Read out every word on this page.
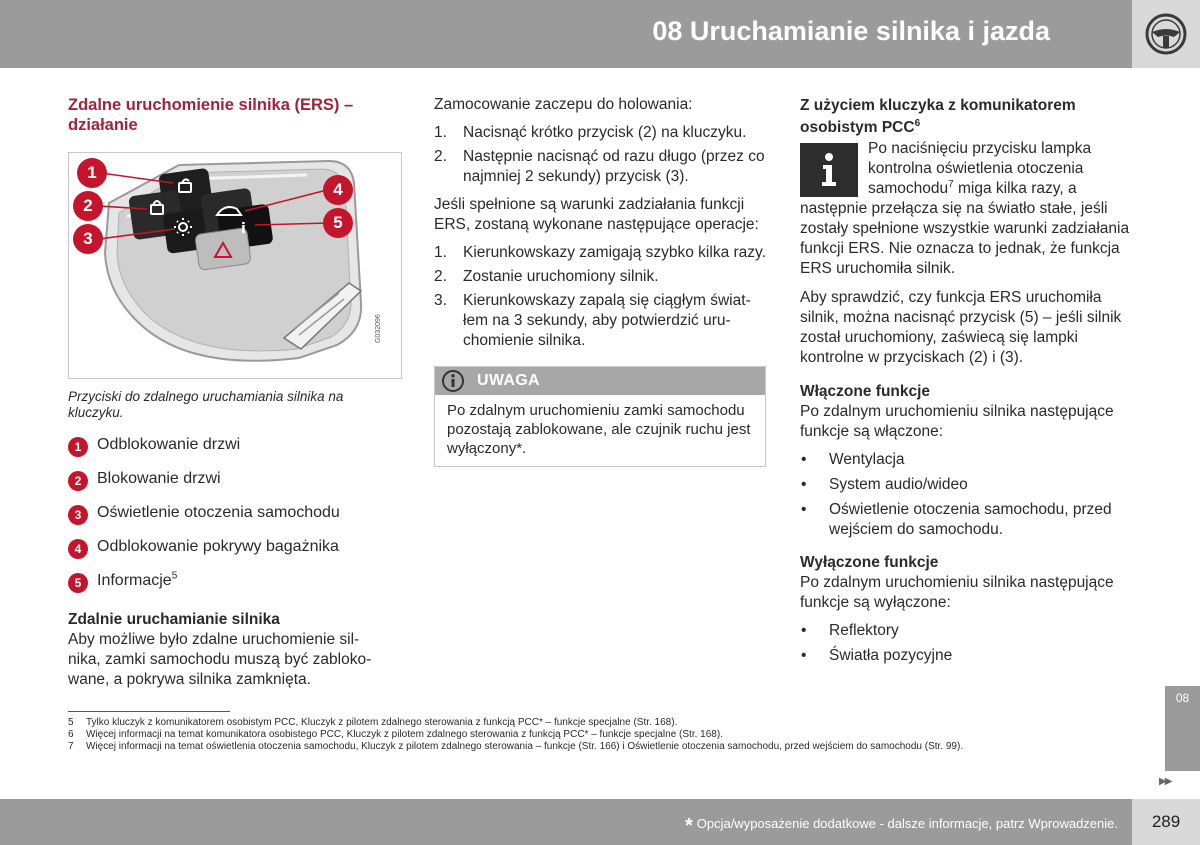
08 Uruchamianie silnika i jazda
Zdalne uruchomienie silnika (ERS) – działanie
i
1
2
3
4
5
G032096

Przyciski do zdalnego uruchamiania silnika na kluczyku.

1 Odblokowanie drzwi
2 Blokowanie drzwi
3 Oświetlenie otoczenia samochodu
4 Odblokowanie pokrywy bagażnika
5 Informacje$^5$
Zdalnie uruchamianie silnika

Aby możliwe było zdalne uruchomienie silnika, zamki samochodu muszą być zablokowane, a pokrywa silnika zamknięta.

Zamocowanie zaczepu do holowania:

1.	Nacisnąć krótko przycisk (2) na kluczyku.
2.	Następnie nacisnąć od razu długo (przez co najmniej 2 sekundy) przycisk (3).

Jeśli spełnione są warunki zadziałania funkcji ERS, zostaną wykonane następujące operacje:

1.	Kierunkowskazy zamigają szybko kilka razy.
2.	Zostanie uruchomiony silnik.
3.	Kierunkowskazy zapalą się ciągłym światłem na 3 sekundy, aby potwierdzić uruchomienie silnika.
UWAGA
Po zdalnym uruchomieniu zamki samochodu pozostają zablokowane, ale czujnik ruchu jest wyłączony*.
Z użyciem kluczyka z komunikatorem osobistym PCC$^6$

Po naciśnięciu przycisku lampka kontrolna oświetlenia otoczenia samochodu$^7$ miga kilka razy, a następnie przełącza się na światło stałe, jeśli zostały spełnione wszystkie warunki zadziałania funkcji ERS. Nie oznacza to jednak, że funkcja ERS uruchomiła silnik.

Aby sprawdzić, czy funkcja ERS uruchomiła silnik, można nacisnąć przycisk (5) – jeśli silnik został uruchomiony, zaświecą się lampki kontrolne w przyciskach (2) i (3).

Włączone funkcje

Po zdalnym uruchomieniu silnika następujące funkcje są włączone:

•	Wentylacja
•	System audio/wideo
•	Oświetlenie otoczenia samochodu, przed wejściem do samochodu.
Wyłączone funkcje

Po zdalnym uruchomieniu silnika następujące funkcje są wyłączone:

•	Reflektory
•	Światła pozycyjne
5	Tylko kluczyk z komunikatorem osobistym PCC, Kluczyk z pilotem zdalnego sterowania z funkcją PCC* – funkcje specjalne (Str. 168).
6	Więcej informacji na temat komunikatora osobistego PCC, Kluczyk z pilotem zdalnego sterowania z funkcją PCC* – funkcje specjalne (Str. 168).
7	Więcej informacji na temat oświetlenia otoczenia samochodu, Kluczyk z pilotem zdalnego sterowania – funkcje (Str. 166) i Oświetlenie otoczenia samochodu, przed wejściem do samochodu (Str. 99).
08
▶▶
* Opcja/wyposażenie dodatkowe - dalsze informacje, patrz Wprowadzenie.	289
